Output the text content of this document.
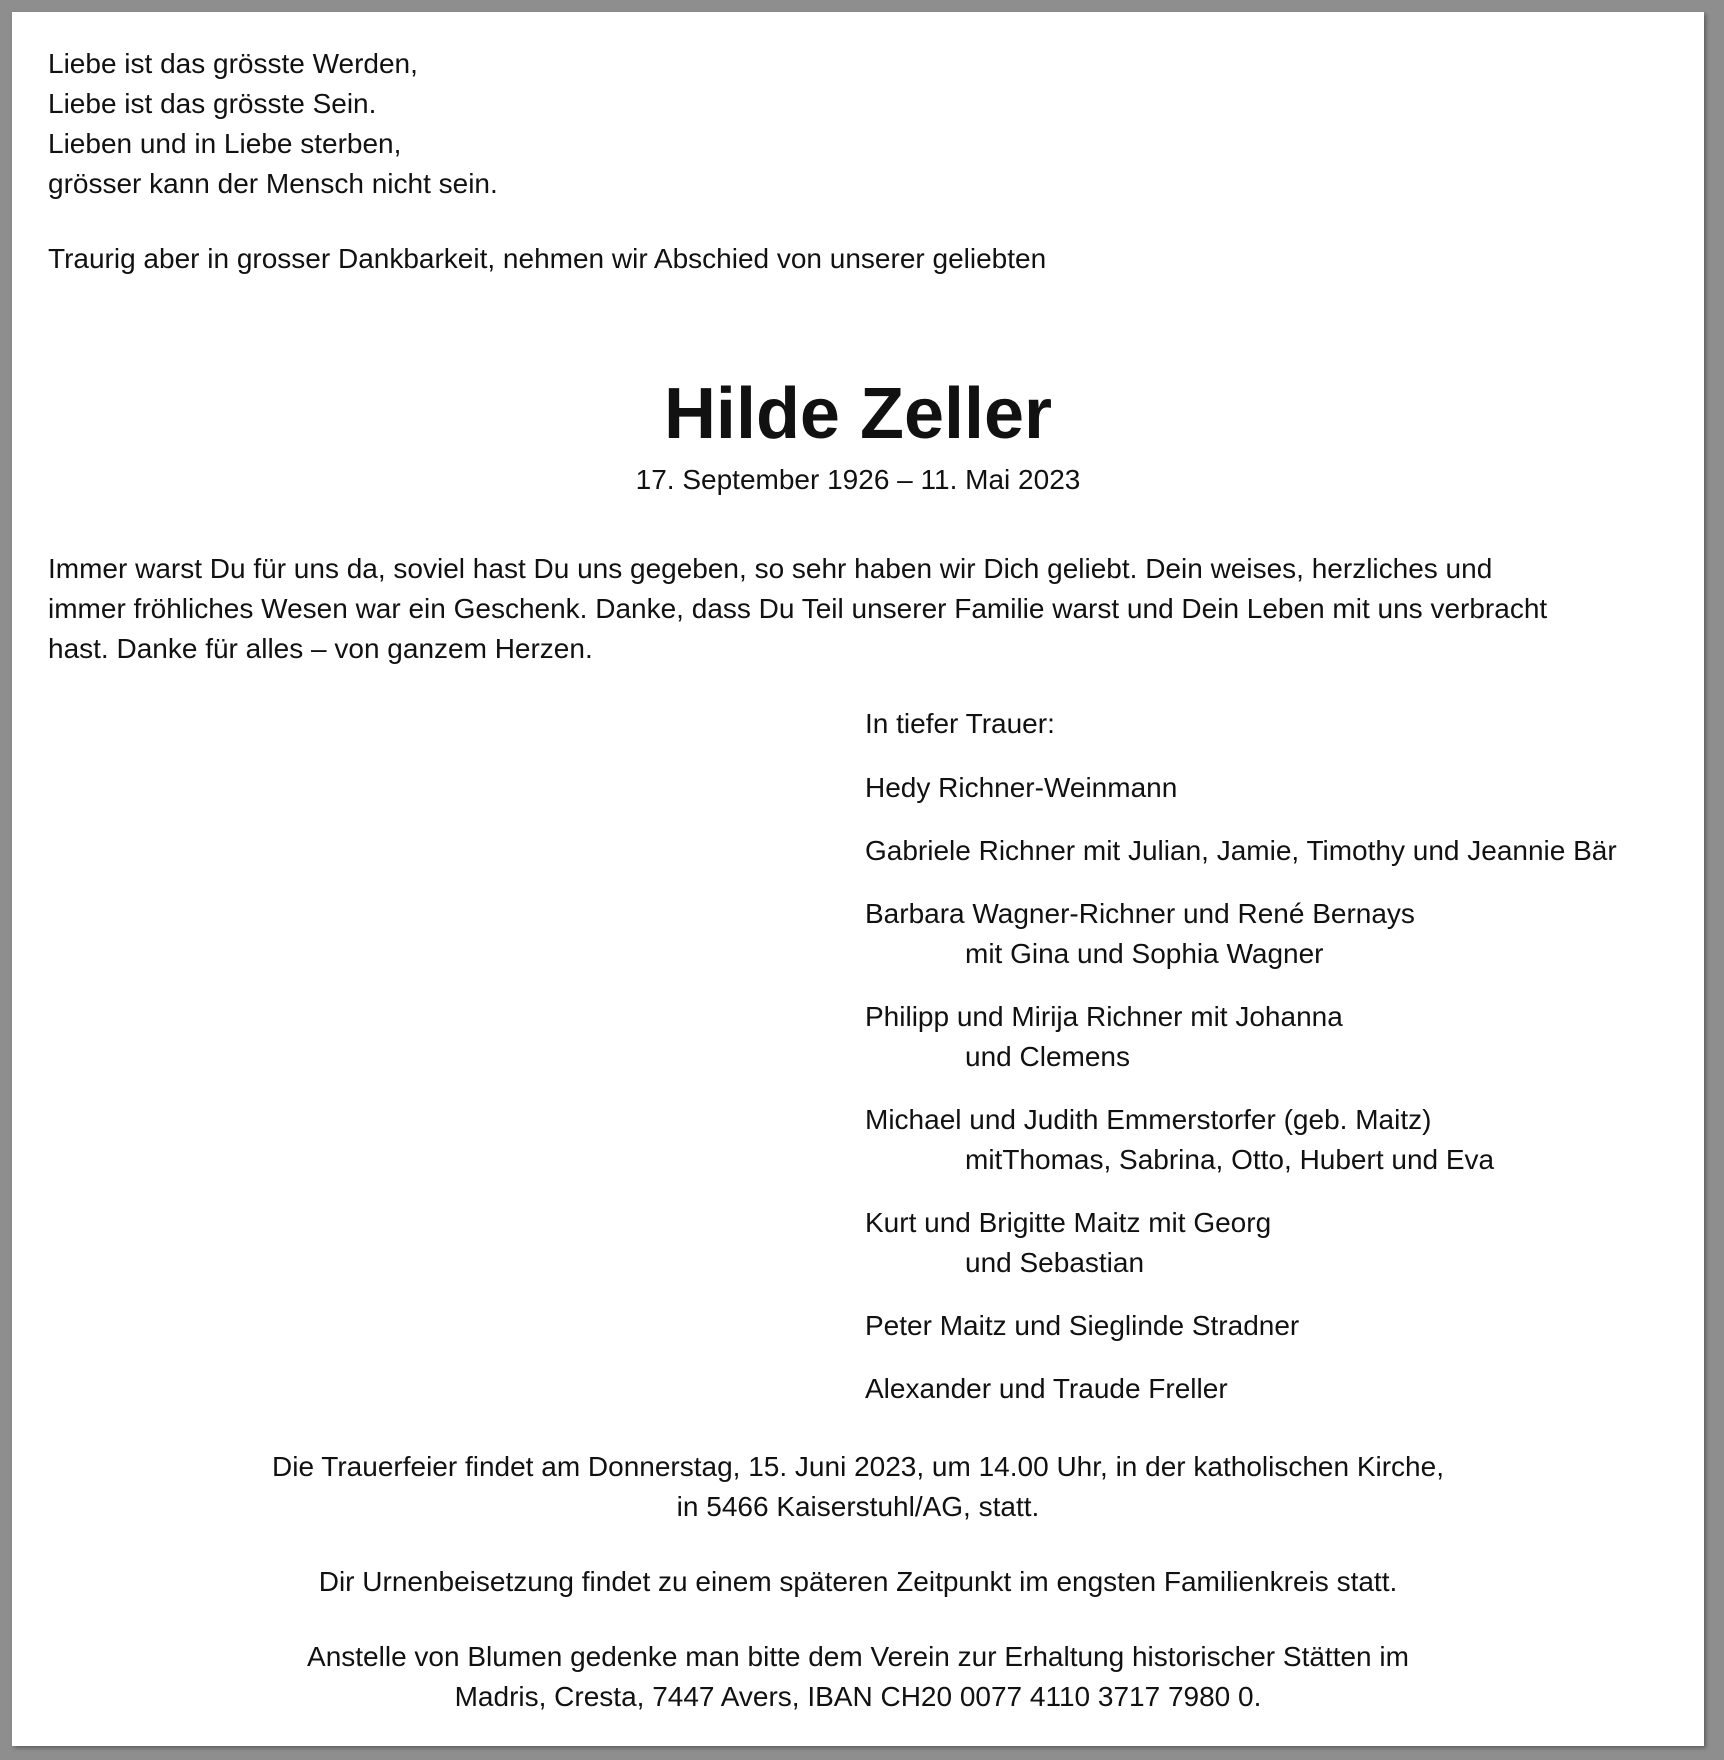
Liebe ist das grösste Werden,
Liebe ist das grösste Sein.
Lieben und in Liebe sterben,
grösser kann der Mensch nicht sein.
Traurig aber in grosser Dankbarkeit, nehmen wir Abschied von unserer geliebten
Hilde Zeller
17. September 1926 – 11. Mai 2023
Immer warst Du für uns da, soviel hast Du uns gegeben, so sehr haben wir Dich geliebt. Dein weises, herzliches und
immer fröhliches Wesen war ein Geschenk. Danke, dass Du Teil unserer Familie warst und Dein Leben mit uns verbracht
hast. Danke für alles – von ganzem Herzen.
In tiefer Trauer:
Hedy Richner-Weinmann
Gabriele Richner mit Julian, Jamie, Timothy und Jeannie Bär
Barbara Wagner-Richner und René Bernays
mit Gina und Sophia Wagner
Philipp und Mirija Richner mit Johanna
und Clemens
Michael und Judith Emmerstorfer (geb. Maitz)
mitThomas, Sabrina, Otto, Hubert und Eva
Kurt und Brigitte Maitz mit Georg
und Sebastian
Peter Maitz und Sieglinde Stradner
Alexander und Traude Freller
Die Trauerfeier findet am Donnerstag, 15. Juni 2023, um 14.00 Uhr, in der katholischen Kirche,
in 5466 Kaiserstuhl/AG, statt.
Dir Urnenbeisetzung findet zu einem späteren Zeitpunkt im engsten Familienkreis statt.
Anstelle von Blumen gedenke man bitte dem Verein zur Erhaltung historischer Stätten im
Madris, Cresta, 7447 Avers, IBAN CH20 0077 4110 3717 7980 0.
